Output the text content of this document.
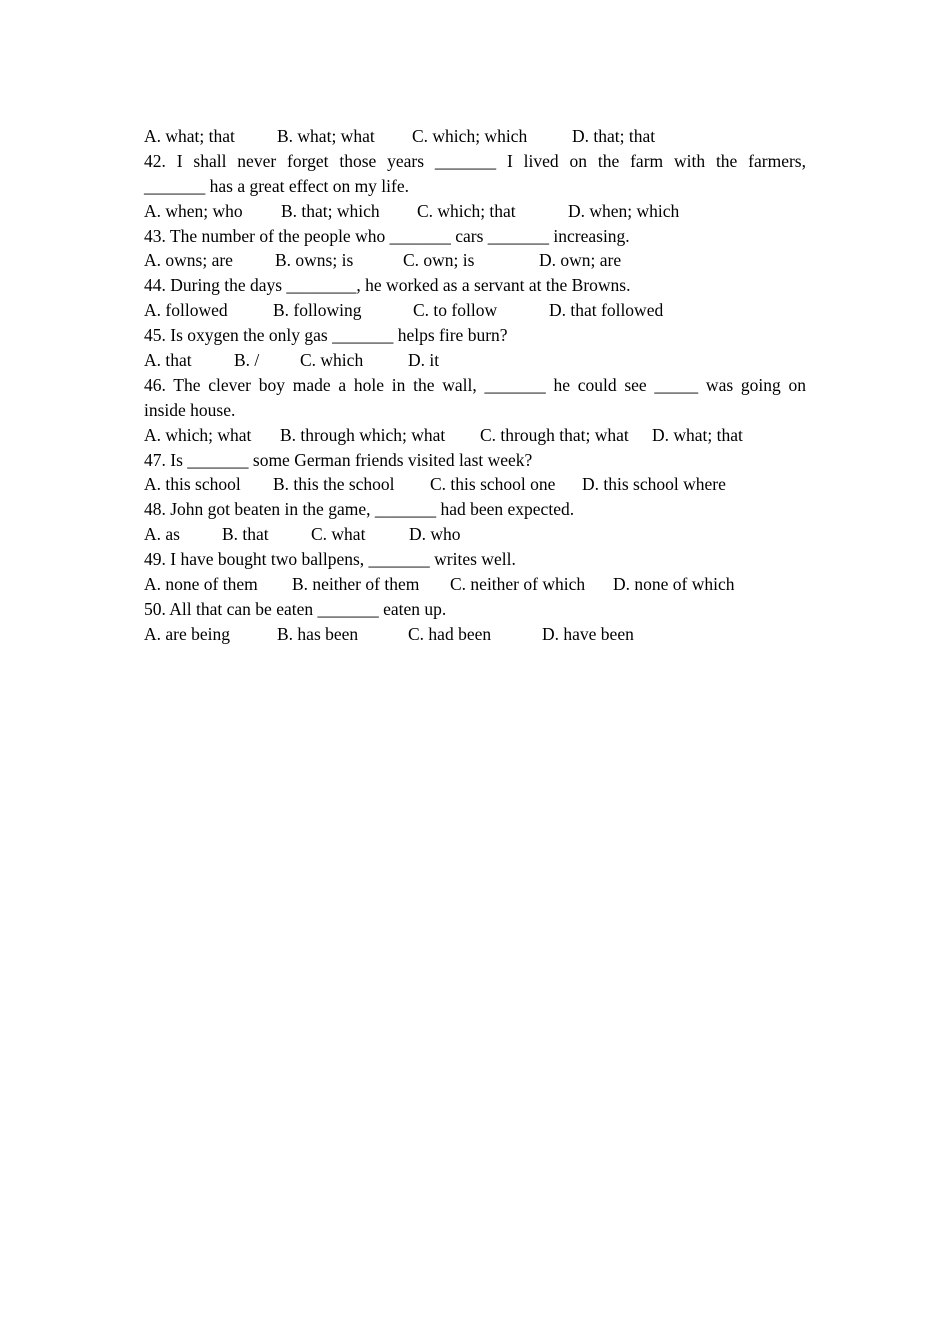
A. what; that B. what; what C. which; which	D. that; that
42. I shall never forget those years _______ I lived on the farm with the farmers,
_______ has a great effect on my life.
A. when; who B. that; which C. which; that	D. when; which
43. The number of the people who _______ cars _______ increasing.
A. owns; are B. owns; is	C. own; is	D. own; are
44. During the days ________, he worked as a servant at the Browns.
A. followed	B. following	C. to follow	D. that followed
45. Is oxygen the only gas _______ helps fire burn?
A. that B. / C. which	D. it
46. The clever boy made a hole in the wall, _______ he could see _____ was going on
inside house.
A. which; what B. through which; what C. through that; what D. what; that
47. Is _______ some German friends visited last week?
A. this school B. this the school C. this school one D. this school where
48. John got beaten in the game, _______ had been expected.
A. as B. that C. what D. who
49. I have bought two ballpens, _______ writes well.
A. none of them B. neither of them C. neither of which D. none of which
50. All that can be eaten _______ eaten up.
A. are being	B. has been	C. had been	D. have been
